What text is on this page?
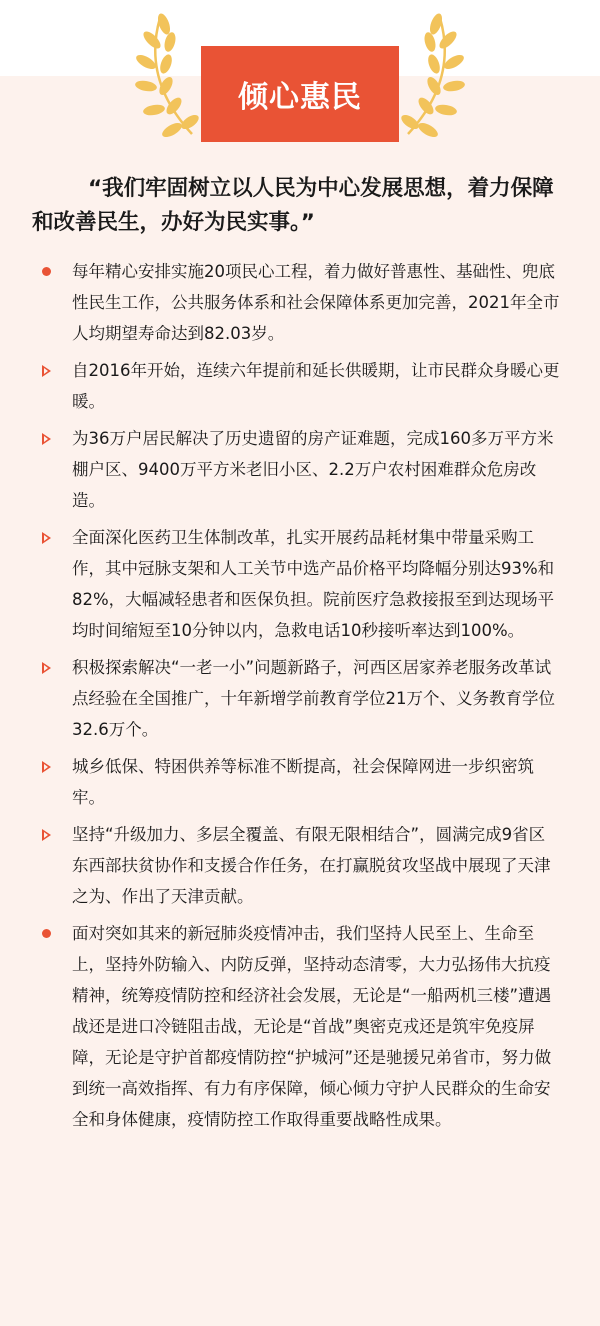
倾心惠民
“我们牢固树立以人民为中心发展思想，着力保障和改善民生，办好为民实事。”
每年精心安排实施20项民心工程，着力做好普惠性、基础性、兜底性民生工作，公共服务体系和社会保障体系更加完善，2021年全市人均期望寿命达到82.03岁。
自2016年开始，连续六年提前和延长供暖期，让市民群众身暖心更暖。
为36万户居民解决了历史遗留的房产证难题，完成160多万平方米棚户区、9400万平方米老旧小区、2.2万户农村困难群众危房改造。
全面深化医药卫生体制改革，扎实开展药品耗材集中带量采购工作，其中冠脉支架和人工关节中选产品价格平均降幅分别达93%和82%，大幅减轻患者和医保负担。院前医疗急救接报至到达现场平均时间缩短至10分钟以内，急救电话10秒接听率达到100%。
积极探索解决“一老一小”问题新路子，河西区居家养老服务改革试点经验在全国推广，十年新增学前教育学位21万个、义务教育学位32.6万个。
城乡低保、特困供养等标准不断提高，社会保障网进一步织密筑牢。
坚持“升级加力、多层全覆盖、有限无限相结合”，圆满完成9省区东西部扶贫协作和支援合作任务，在打赢脱贫攻坚战中展现了天津之为、作出了天津贡献。
面对突如其来的新冠肺炎疫情冲击，我们坚持人民至上、生命至上，坚持外防输入、内防反弹，坚持动态清零，大力弘扬伟大抗疫精神，统筹疫情防控和经济社会发展，无论是“一船两机三楼”遭遇战还是进口冷链阻击战，无论是“首战”奥密克戎还是筑牢免疫屏障，无论是守护首都疫情防控“护城河”还是驰援兄弟省市，努力做到统一高效指挥、有力有序保障，倾心倾力守护人民群众的生命安全和身体健康，疫情防控工作取得重要战略性成果。
